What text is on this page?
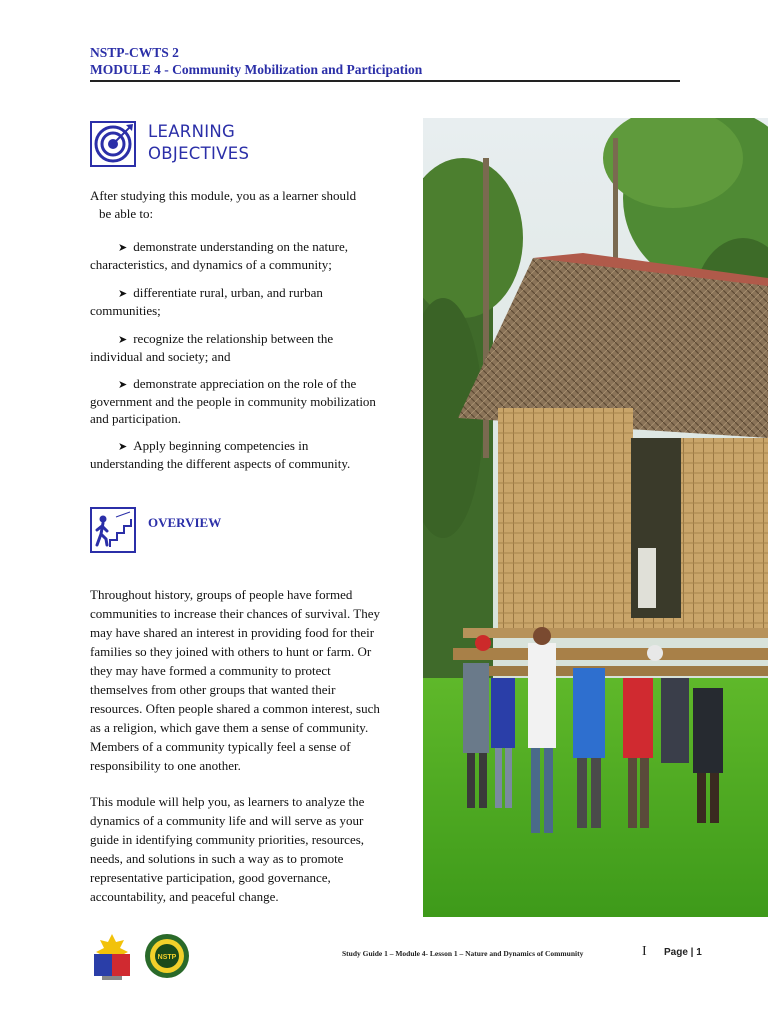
NSTP-CWTS 2
MODULE 4 - Community Mobilization and Participation
LEARNING
OBJECTIVES
After studying this module, you as a learner should
be able to:
➤ demonstrate understanding on the nature,
characteristics, and dynamics of a community;
➤ differentiate rural, urban, and rurban
communities;
➤ recognize the relationship between the
individual and society; and
➤ demonstrate appreciation on the role of the
government and the people in community mobilization and participation.
➤ Apply beginning competencies in
understanding the different aspects of community.
OVERVIEW
Throughout history, groups of people have formed communities to increase their chances of survival. They may have shared an interest in providing food for their families so they joined with others to hunt or farm. Or they may have formed a community to protect themselves from other groups that wanted their resources. Often people shared a common interest, such as a religion, which gave them a sense of community. Members of a community typically feel a sense of responsibility to one another.
This module will help you, as learners to analyze the dynamics of a community life and will serve as your guide in identifying community priorities, resources, needs, and solutions in such a way as to promote representative participation, good governance, accountability, and peaceful change.
NSTP	Study Guide 1 – Module 4- Lesson 1 – Nature and Dynamics of Community	I Page | 1
